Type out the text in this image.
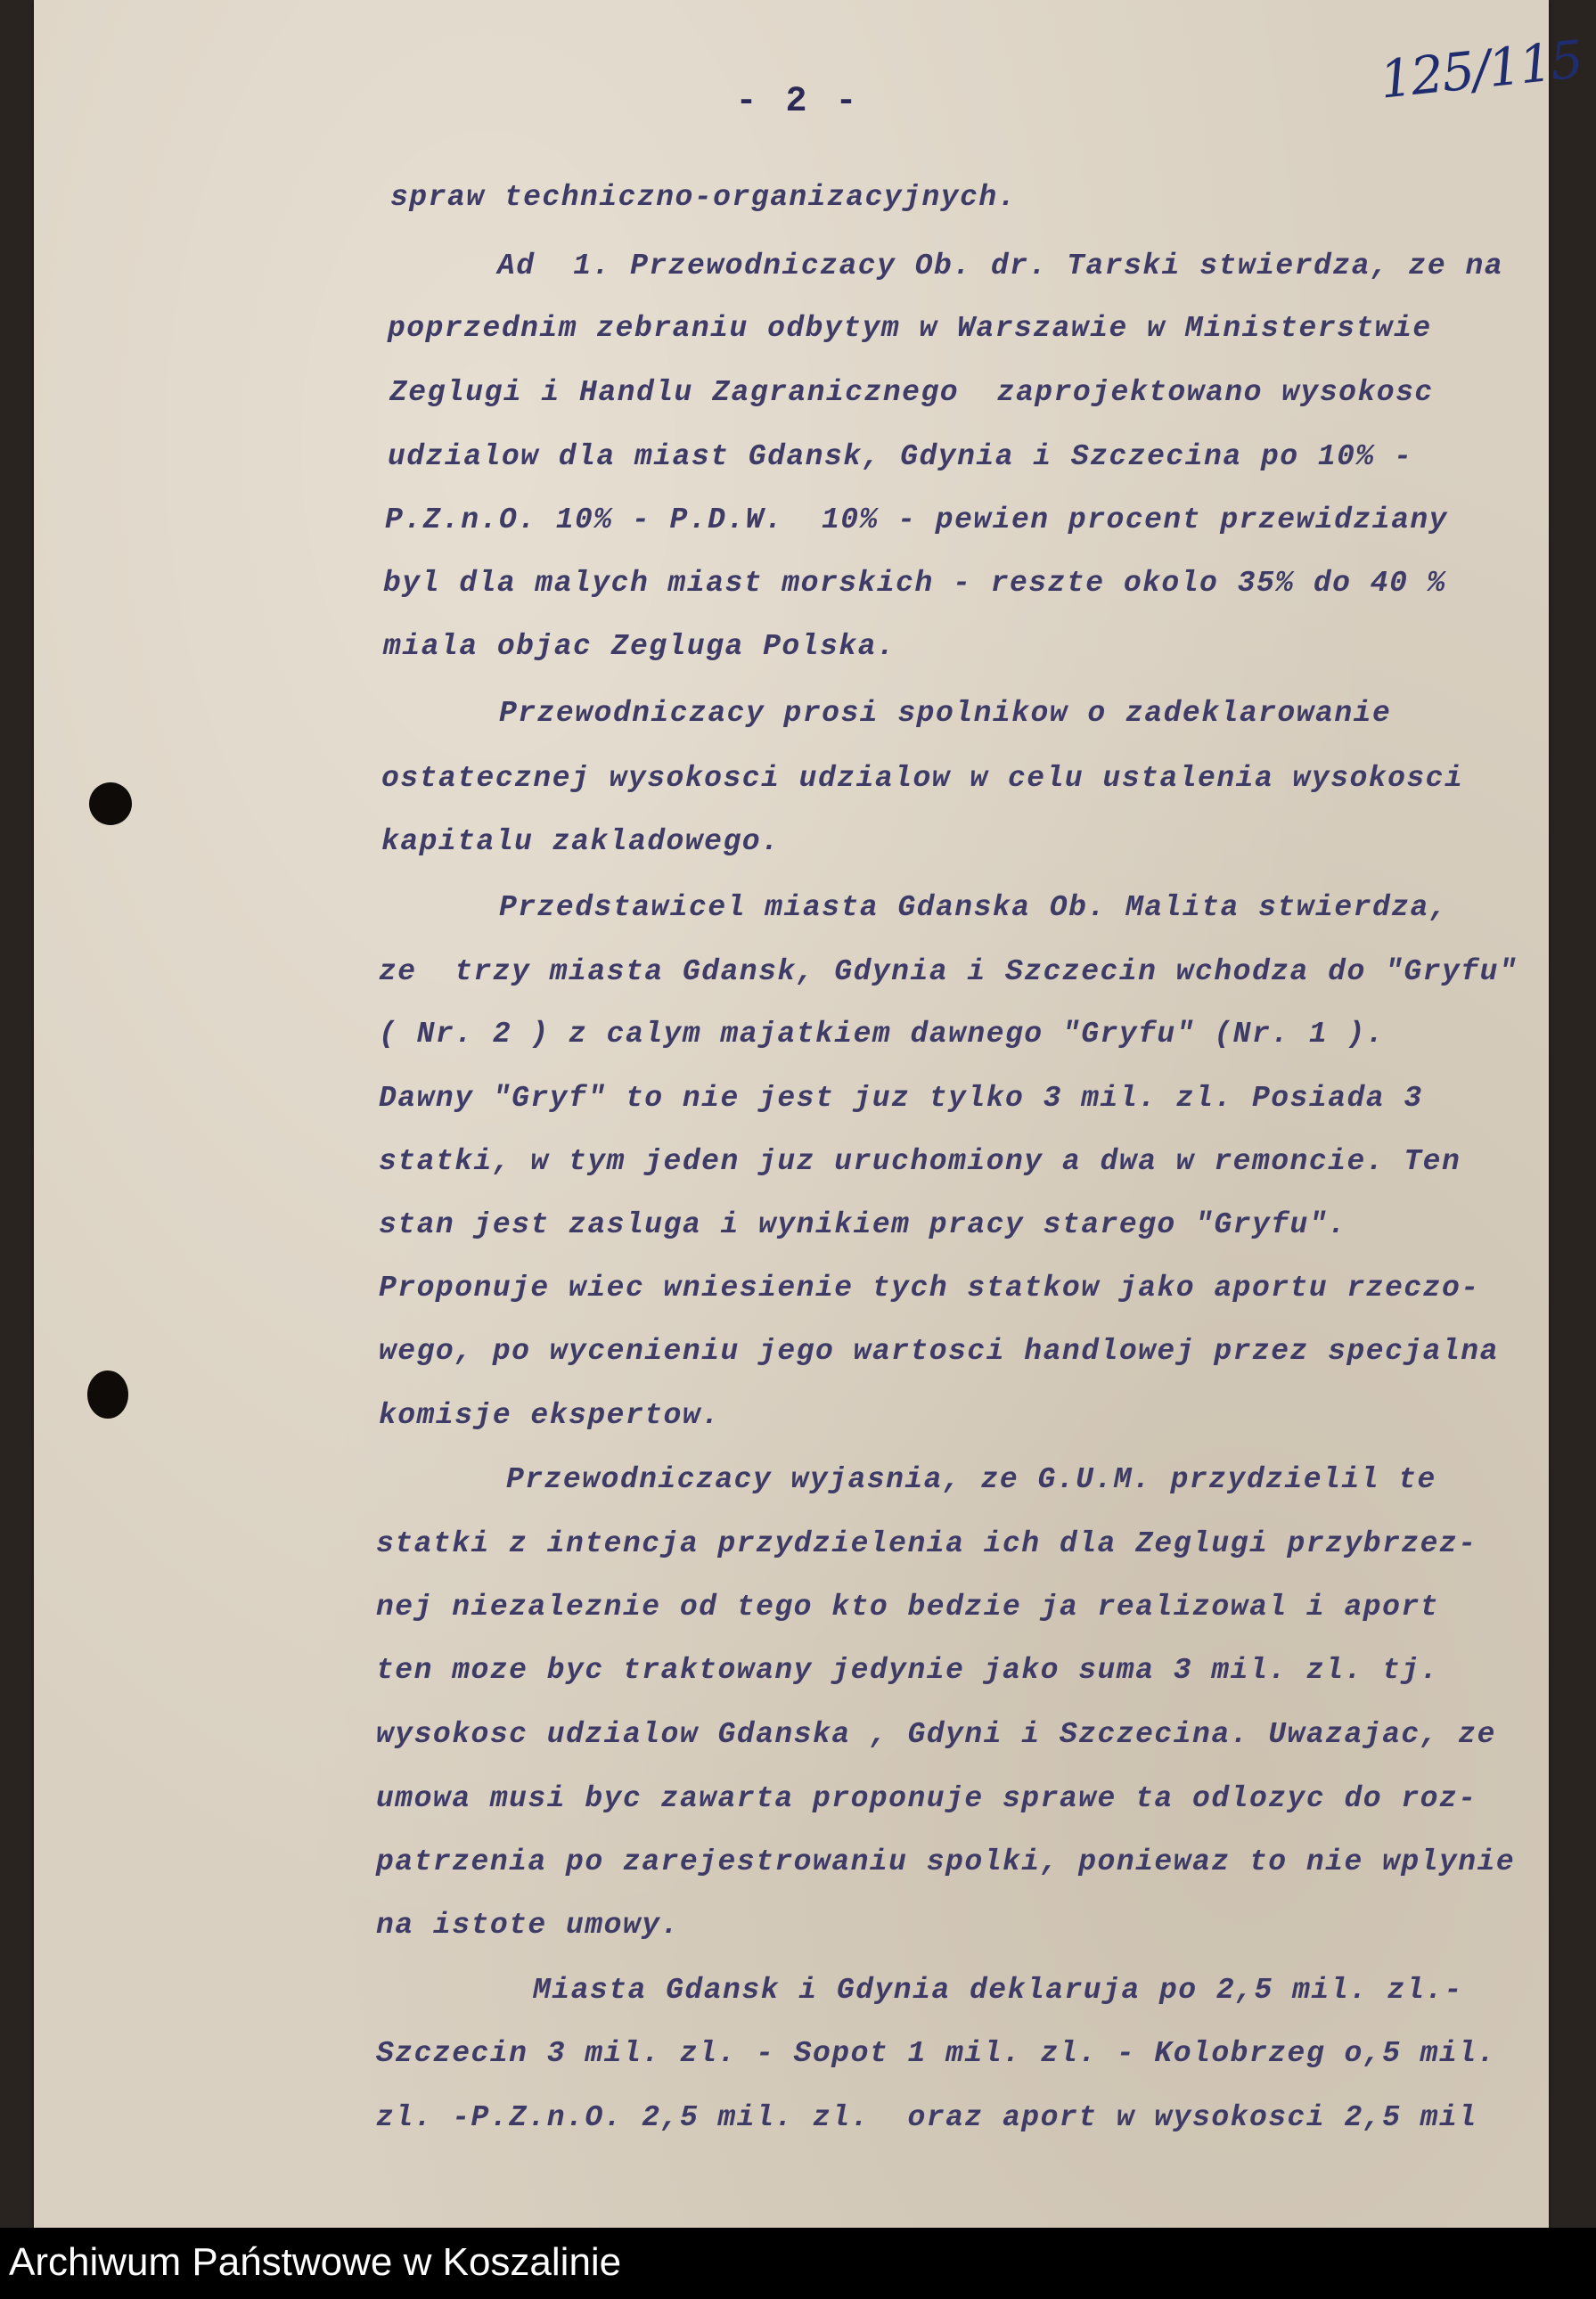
- 2 -	125/115
spraw techniczno-organizacyjnych.
Ad  1. Przewodniczacy Ob. dr. Tarski stwierdza, ze na
poprzednim zebraniu odbytym w Warszawie w Ministerstwie
Zeglugi i Handlu Zagranicznego  zaprojektowano wysokosc
udzialow dla miast Gdansk, Gdynia i Szczecina po 10% -
P.Z.n.O. 10% - P.D.W.  10% - pewien procent przewidziany
byl dla malych miast morskich - reszte okolo 35% do 40 %
miala objac Zegluga Polska.
Przewodniczacy prosi spolnikow o zadeklarowanie
ostatecznej wysokosci udzialow w celu ustalenia wysokosci
kapitalu zakladowego.
Przedstawicel miasta Gdanska Ob. Malita stwierdza,
ze  trzy miasta Gdansk, Gdynia i Szczecin wchodza do "Gryfu"
( Nr. 2 ) z calym majatkiem dawnego "Gryfu" (Nr. 1 ).
Dawny "Gryf" to nie jest juz tylko 3 mil. zl. Posiada 3
statki, w tym jeden juz uruchomiony a dwa w remoncie. Ten
stan jest zasluga i wynikiem pracy starego "Gryfu".
Proponuje wiec wniesienie tych statkow jako aportu rzeczo-
wego, po wycenieniu jego wartosci handlowej przez specjalna
komisje ekspertow.
Przewodniczacy wyjasnia, ze G.U.M. przydzielil te
statki z intencja przydzielenia ich dla Zeglugi przybrzez-
nej niezaleznie od tego kto bedzie ja realizowal i aport
ten moze byc traktowany jedynie jako suma 3 mil. zl. tj.
wysokosc udzialow Gdanska , Gdyni i Szczecina. Uwazajac, ze
umowa musi byc zawarta proponuje sprawe ta odlozyc do roz-
patrzenia po zarejestrowaniu spolki, poniewaz to nie wplynie
na istote umowy.
Miasta Gdansk i Gdynia deklaruja po 2,5 mil. zl.-
Szczecin 3 mil. zl. - Sopot 1 mil. zl. - Kolobrzeg o,5 mil.
zl. -P.Z.n.O. 2,5 mil. zl.  oraz aport w wysokosci 2,5 mil
Archiwum Państwowe w Koszalinie
